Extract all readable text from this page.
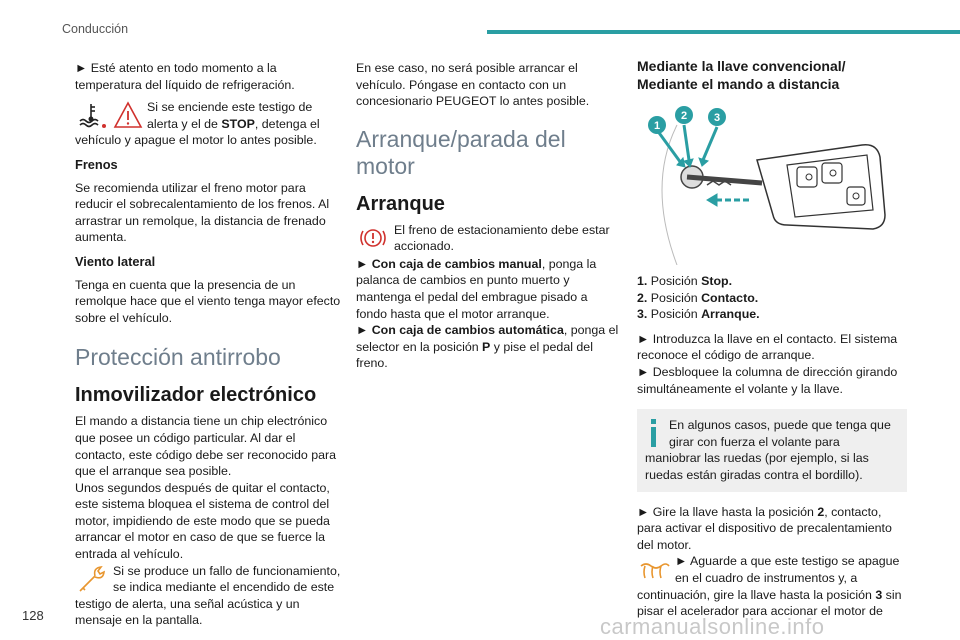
Conducción

► Esté atento en todo momento a la temperatura del líquido de refrigeración.

Si se enciende este testigo de alerta y el de STOP, detenga el vehículo y apague el motor lo antes posible.

Frenos

Se recomienda utilizar el freno motor para reducir el sobrecalentamiento de los frenos. Al arrastrar un remolque, la distancia de frenado aumenta.

Viento lateral

Tenga en cuenta que la presencia de un remolque hace que el viento tenga mayor efecto sobre el vehículo.

Protección antirrobo

Inmovilizador electrónico

El mando a distancia tiene un chip electrónico que posee un código particular. Al dar el contacto, este código debe ser reconocido para que el arranque sea posible.

Unos segundos después de quitar el contacto, este sistema bloquea el sistema de control del motor, impidiendo de este modo que se pueda arrancar el motor en caso de que se fuerce la entrada al vehículo.

Si se produce un fallo de funcionamiento, se indica mediante el encendido de este testigo de alerta, una señal acústica y un mensaje en la pantalla.

En ese caso, no será posible arrancar el vehículo. Póngase en contacto con un concesionario PEUGEOT lo antes posible.

Arranque/parada del motor

Arranque

El freno de estacionamiento debe estar accionado.

► Con caja de cambios manual, ponga la palanca de cambios en punto muerto y mantenga el pedal del embrague pisado a fondo hasta que el motor arranque.

► Con caja de cambios automática, ponga el selector en la posición P y pise el pedal del freno.

Mediante la llave convencional/ Mediante el mando a distancia

1
2 3
1. Posición Stop.
2. Posición Contacto.
3. Posición Arranque.

► Introduzca la llave en el contacto. El sistema reconoce el código de arranque.

► Desbloquee la columna de dirección girando simultáneamente el volante y la llave.

En algunos casos, puede que tenga que girar con fuerza el volante para maniobrar las ruedas (por ejemplo, si las ruedas están giradas contra el bordillo).

► Gire la llave hasta la posición 2, contacto, para activar el dispositivo de precalentamiento del motor.

► Aguarde a que este testigo se apague en el cuadro de instrumentos y, a continuación, gire la llave hasta la posición 3 sin pisar el acelerador para accionar el motor de
128	carmanualsonline.info
